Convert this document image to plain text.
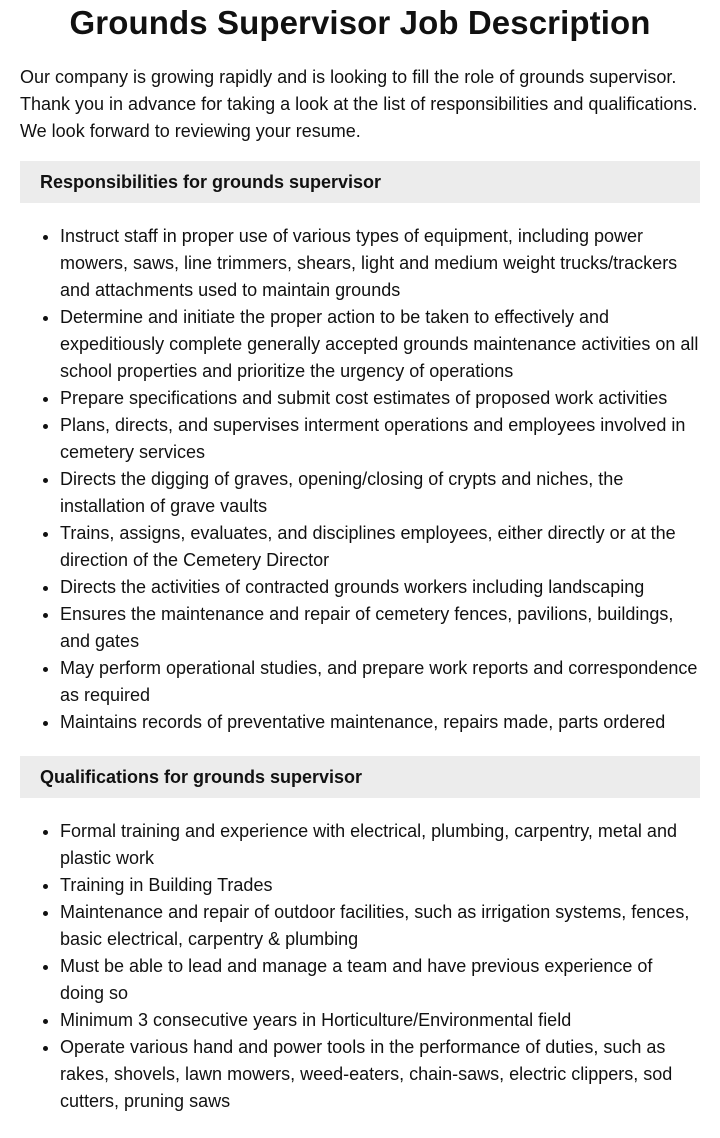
Grounds Supervisor Job Description

Our company is growing rapidly and is looking to fill the role of grounds supervisor. Thank you in advance for taking a look at the list of responsibilities and qualifications. We look forward to reviewing your resume.

Responsibilities for grounds supervisor
• Instruct staff in proper use of various types of equipment, including power mowers, saws, line trimmers, shears, light and medium weight trucks/trackers and attachments used to maintain grounds
• Determine and initiate the proper action to be taken to effectively and expeditiously complete generally accepted grounds maintenance activities on all school properties and prioritize the urgency of operations
• Prepare specifications and submit cost estimates of proposed work activities
• Plans, directs, and supervises interment operations and employees involved in cemetery services
• Directs the digging of graves, opening/closing of crypts and niches, the installation of grave vaults
• Trains, assigns, evaluates, and disciplines employees, either directly or at the direction of the Cemetery Director
• Directs the activities of contracted grounds workers including landscaping
• Ensures the maintenance and repair of cemetery fences, pavilions, buildings, and gates
• May perform operational studies, and prepare work reports and correspondence as required
• Maintains records of preventative maintenance, repairs made, parts ordered
Qualifications for grounds supervisor
• Formal training and experience with electrical, plumbing, carpentry, metal and plastic work
• Training in Building Trades
• Maintenance and repair of outdoor facilities, such as irrigation systems, fences, basic electrical, carpentry & plumbing
• Must be able to lead and manage a team and have previous experience of doing so
• Minimum 3 consecutive years in Horticulture/Environmental field
• Operate various hand and power tools in the performance of duties, such as rakes, shovels, lawn mowers, weed-eaters, chain-saws, electric clippers, sod cutters, pruning saws
